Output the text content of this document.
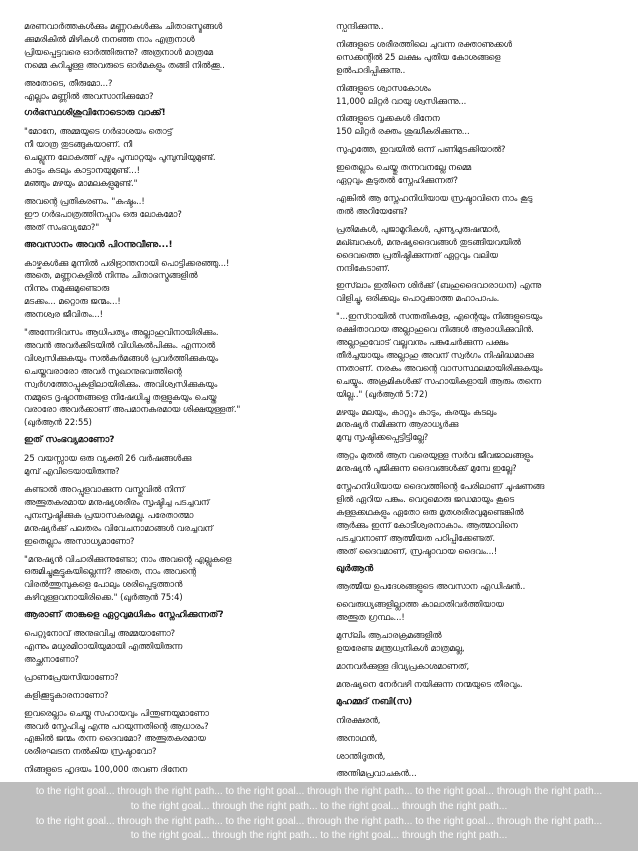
മരണവാർത്തകൾക്കും മണ്ണറകൾക്കും ചിതാഭസ്മങ്ങൾ
ക്കുമരികിൽ മിഴികൾ നനഞ്ഞ നാം എത്രനാൾ
പ്രിയപ്പെട്ടവരെ ഓർത്തിരുന്നു? അത്രനാൾ മാത്രമേ
നമ്മെ കുറിച്ചുള്ള അവരുടെ ഓർമകളും തങ്ങി നിൽക്കൂ..

അതോടെ, തീരുമോ...?
എല്ലാം മണ്ണിൽ അവസാനിക്കുമോ?

ഗർഭസ്ഥശിശുവിനോടൊരു വാക്ക്!

"മോനേ, അമ്മയുടെ ഗർഭാശയം തൊട്ട്
നീ യാത്ര തുടങ്ങുകയാണ്. നീ
ചെല്ലുന്ന ലോകത്ത് പുഴും പൂമ്പാറ്റയും പൂമ്പുമ്പിയുമുണ്ട്.
കാടും കടലും കാട്ടാനയുമുണ്ട്...!
മഞ്ഞും മഴയും മാമലകളുമുണ്ട്."

അവന്റെ പ്രതികരണം. "കഷ്ടം..!
ഈ ഗർഭപാത്രത്തിനപ്പുറം ഒരു ലോകമോ?
അത് സംഭവ്യമോ?"

അവസാനം അവൻ പിറന്നുവീണു...!

കാഴ്ചകൾക്കു മുന്നിൽ പരിഭ്രാന്തനായി പൊട്ടിക്കരഞ്ഞു...!
അതെ, മണ്ണറകളിൽ നിന്നും ചിതാഭസ്മങ്ങളിൽ
നിന്നും നമുക്കുമുണ്ടൊരു
മടക്കം... മറ്റൊരു ജന്മം...!
അനശ്വര ജീവിതം...!

"അന്നേദിവസം ആധിപത്യം അല്ലാഹുവിനായിരിക്കും.
അവൻ അവർക്കിടയിൽ വിധികൽപിക്കും. എന്നാൽ
വിശ്വസിക്കുകയും സൽകർമങ്ങൾ പ്രവർത്തിക്കുകയും
ചെയ്തവരാരോ അവർ സുഖാനുഭവത്തിന്റെ
സ്വർഗത്തോപ്പുകളിലായിരിക്കും. അവിശ്വസിക്കുകയും
നമ്മുടെ ദൃഷ്ടാന്തങ്ങളെ നിഷേധിച്ചു തള്ളുകയും ചെയ്ത
വരാരോ അവർക്കാണ് അപമാനകരമായ ശിക്ഷയുള്ളത്."
(ഖുർആൻ 22:55)

ഇത് സംഭവ്യമാണോ?

25 വയസ്സായ ഒരു വ്യക്തി 26 വർഷങ്ങൾക്കു
മുമ്പ് എവിടെയായിരുന്നു?

കണ്ടാൽ അറപ്പുളവാക്കുന്ന വസ്തുവിൽ നിന്ന്
അത്ഭുതകരമായ മനുഷ്യശരീരം സൃഷ്ടിച്ച പടച്ചവന്
പുനഃസൃഷ്ടിക്കുക പ്രയാസകരമല്ല. പരേതാത്മാ
മനുഷ്യർക്ക് പലതരം വിവേചനാമാങ്ങൾ വരച്ചവന്
ഇതെല്ലാം അസാധ്യമാണോ?

"മനുഷ്യൻ വിചാരിക്കുന്നുണ്ടോ; നാം അവന്റെ എല്ലുകളെ
ഒരുമിച്ചുകൂട്ടുകയില്ലെന്ന്? അതെ, നാം അവന്റെ
വിരൽത്തുമ്പുകളെ പോലും ശരിപ്പെടുത്താൻ
കഴിവുള്ളവനായിരിക്കെ." (ഖുർആൻ 75:4)

ആരാണ് താങ്കളെ ഏറ്റവുമധികം സ്നേഹിക്കുന്നത്?

പെറ്റുനോവ് അനുഭവിച്ച അമ്മയാണോ?
എന്നും മധുരമിഠായിയുമായി എത്തിയിരുന്ന
അച്ഛനാണോ?

പ്രാണപ്രേയസിയാണോ?

കളിക്കൂട്ടുകാരനാണോ?

ഇവരെല്ലാം ചെയ്ത സഹായവും പിന്തുണയുമാണോ
അവർ സ്നേഹിച്ചു എന്നു പറയുന്നതിന്റെ ആധാരം?
എങ്കിൽ ജന്മം തന്ന ദൈവമോ? അത്ഭുതകരമായ
ശരീരഘടന നൽകിയ സ്രഷ്ടാവോ?

നിങ്ങളുടെ ഹൃദയം 100,000 തവണ ദിനേന

സ്പന്ദിക്കുന്നു..

നിങ്ങളുടെ ശരീരത്തിലെ ചുവന്ന രക്താണുക്കൾ
സെക്കന്റിൽ 25 ലക്ഷം പുതിയ കോശങ്ങളെ
ഉൽപാദിപ്പിക്കുന്നു..

നിങ്ങളുടെ ശ്വാസകോശം
11,000 ലിറ്റർ വായു ശ്വസിക്കുന്നു...

നിങ്ങളുടെ വൃക്കകൾ ദിനേന
150 ലിറ്റർ രക്തം ശുദ്ധീകരിക്കുന്നു...

സുഹൃത്തേ, ഇവയിൽ ഒന്ന് പണിമുടക്കിയാൽ?

ഇതെല്ലാം ചെയ്തു തന്നവനല്ലേ നമ്മെ
ഏറ്റവും കൂടുതൽ സ്നേഹിക്കുന്നത്?

എങ്കിൽ ആ സ്നേഹനിധിയായ സ്രഷ്ടാവിനെ നാം കൂടു
തൽ അറിയേണ്ടേ?

പ്രതിമകൾ, പുജാമൂറികൾ, പുണ്യപുരുഷന്മാർ,
മഖ്ബറകൾ, മനുഷ്യദൈവങ്ങൾ തുടങ്ങിയവയിൽ
ദൈവത്തെ പ്രതിഷ്ഠിക്കുന്നത് ഏറ്റവും വലിയ
നന്ദികേടാണ്.

ഇസ്‌ലാം ഇതിനെ ശിർക്ക് (ബഹുദൈവാരാധന) എന്നു
വിളിച്ചു, ഒരിക്കലും പൊറുക്കാത്ത മഹാപാപം.

"...ഇസ്റായിൽ സന്തതികളേ, എന്റെയും നിങ്ങളുടെയും
രക്ഷിതാവായ അല്ലാഹുവെ നിങ്ങൾ ആരാധിക്കുവിൻ.
അല്ലാഹുവോട് വല്ലവനും പങ്കുചേർക്കുന്ന പക്ഷം
തീർച്ചയായും അല്ലാഹു അവന് സ്വർഗം നിഷിദ്ധമാക്കു
ന്നതാണ്. നരകം അവന്റെ വാസസ്ഥലമായിരിക്കുകയും
ചെയ്യും. അക്രമികൾക്ക് സഹായികളായി ആരും തന്നെ
യില്ല.." (ഖുർആൻ 5:72)

മഴയും മലയും, കാറ്റും കാടും, കരയും കടലും
മനുഷ്യർ നമിക്കുന്ന ആരാധ്യർക്കു
മുമ്പു സൃഷ്ടിക്കപ്പെട്ടിട്ടില്ലേ?

ആറ്റം മുതൽ ആന വരെയുള്ള സർവ ജീവജാലങ്ങളും
മനുഷ്യൻ പൂജിക്കുന്ന ദൈവങ്ങൾക്ക് മുമ്പേ ഇല്ലേ?

സ്നേഹനിധിയായ ദൈവത്തിന്റെ പേരിലാണ് ചൂഷണങ്ങ
ളിൽ ഏറിയ പങ്കും. വെറുമൊരു ജഡമായും കൂടെ
കള്ളക്കഥകളും ഏതോ ഒരു മൃതശരീരവുമുണ്ടെങ്കിൽ
ആർക്കും ഇന്ന് കോടീശ്വരനാകാം. ആത്മാവിനെ
പടച്ചവനാണ് ആത്മീയത പഠിപ്പിക്കേണ്ടത്.
അത് ദൈവമാണ്, സ്രഷ്ടാവായ ദൈവം...!

ഖുർആൻ

ആത്മീയ ഉപദേശങ്ങളുടെ അവസാന എഡിഷൻ..

വൈരുധ്യങ്ങളില്ലാത്ത കാലാതിവർത്തിയായ
അത്ഭുത ഗ്രന്ഥം...!

മുസ്‌ലിം ആചാരക്രമങ്ങളിൽ
ഉയരേണ്ട മന്ത്രധ്വനികൾ മാത്രമല്ല,

മാനവർക്കുള്ള ദിവ്യപ്രകാശമാണത്,

മനുഷ്യനെ നേർവഴി നയിക്കുന്ന നന്മയുടെ തീരവും.

മുഹമ്മദ് നബി(സ)

നിരക്ഷരൻ,

അനാഥൻ,

ശാന്തിദൂതൻ,

അന്തിമപ്രവാചകൻ...

to the right goal... through the right path... to the right goal... through the right path... to the right goal... through the right path...
to the right goal... through the right path... to the right goal... through the right path...
to the right goal... through the right path... to the right goal... through the right path... to the right goal... through the right path...
to the right goal... through the right path... to the right goal... through the right path...
